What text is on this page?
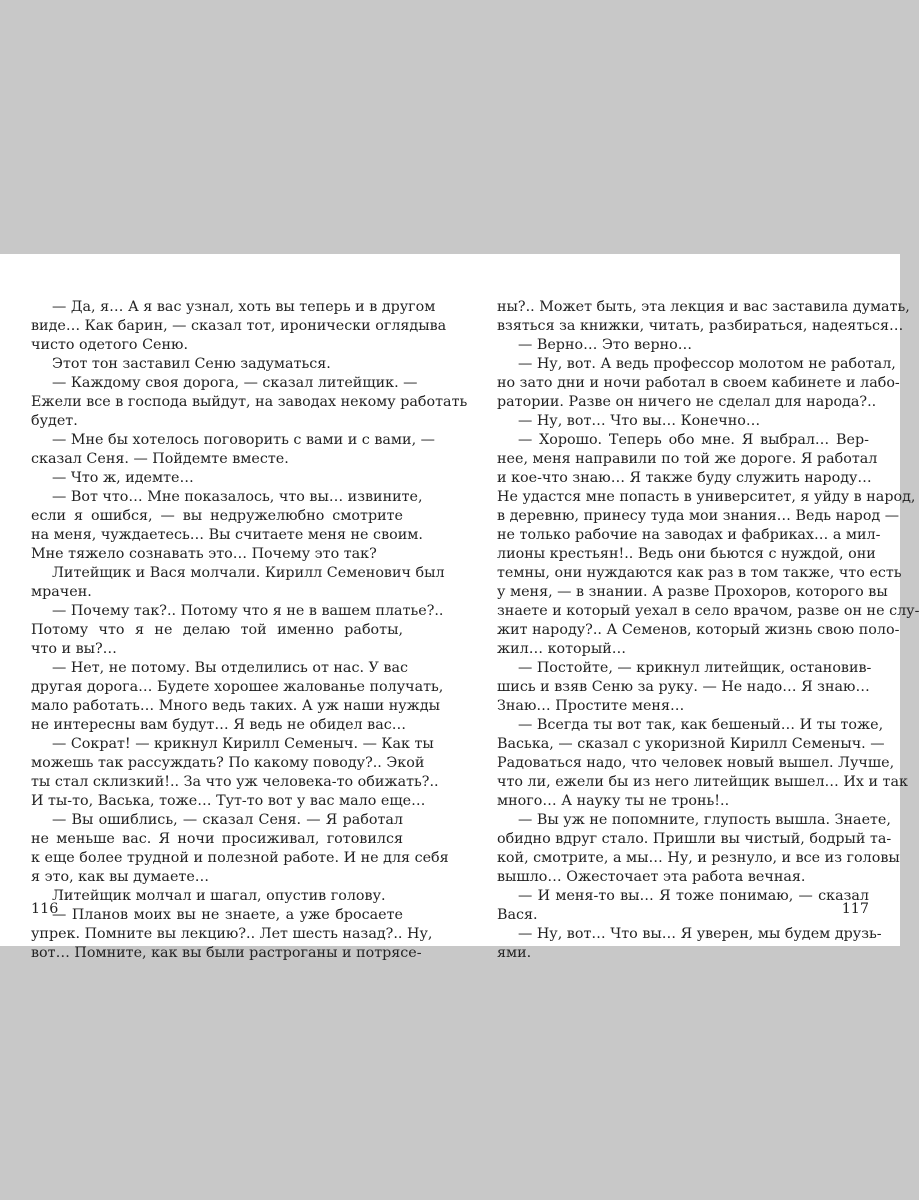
— Да, я… А я вас узнал, хоть вы теперь и в другом
виде… Как барин, — сказал тот, иронически оглядыва
чисто одетого Сеню.
Этот тон заставил Сеню задуматься.
— Каждому своя дорога, — сказал литейщик. —
Ежели все в господа выйдут, на заводах некому работать
будет.
— Мне бы хотелось поговорить с вами и с вами, —
сказал Сеня. — Пойдемте вместе.
— Что ж, идемте…
— Вот что… Мне показалось, что вы… извините,
если я ошибся, — вы недружелюбно смотрите
на меня, чуждаетесь… Вы считаете меня не своим.
Мне тяжело сознавать это… Почему это так?
Литейщик и Вася молчали. Кирилл Семенович был
мрачен.
— Почему так?.. Потому что я не в вашем платье?..
Потому что я не делаю той именно работы,
что и вы?…
— Нет, не потому. Вы отделились от нас. У вас
другая дорога… Будете хорошее жалованье получать,
мало работать… Много ведь таких. А уж наши нужды
не интересны вам будут… Я ведь не обидел вас…
— Сократ! — крикнул Кирилл Семеныч. — Как ты
можешь так рассуждать? По какому поводу?.. Экой
ты стал склизкий!.. За что уж человека-то обижать?..
И ты-то, Васька, тоже… Тут-то вот у вас мало еще…
— Вы ошиблись, — сказал Сеня. — Я работал
не меньше вас. Я ночи просиживал, готовился
к еще более трудной и полезной работе. И не для себя
я это, как вы думаете…
Литейщик молчал и шагал, опустив голову.
— Планов моих вы не знаете, а уже бросаете
упрек. Помните вы лекцию?.. Лет шесть назад?.. Ну,
вот… Помните, как вы были растроганы и потрясе-
116
ны?.. Может быть, эта лекция и вас заставила думать,
взяться за книжки, читать, разбираться, надеяться…
— Верно… Это верно…
— Ну, вот. А ведь профессор молотом не работал,
но зато дни и ночи работал в своем кабинете и лабо-
ратории. Разве он ничего не сделал для народа?..
— Ну, вот… Что вы… Конечно…
— Хорошо. Теперь обо мне. Я выбрал… Вер-
нее, меня направили по той же дороге. Я работал
и кое-что знаю… Я также буду служить народу…
Не удастся мне попасть в университет, я уйду в народ,
в деревню, принесу туда мои знания… Ведь народ —
не только рабочие на заводах и фабриках… а мил-
лионы крестьян!.. Ведь они бьются с нуждой, они
темны, они нуждаются как раз в том также, что есть
у меня, — в знании. А разве Прохоров, которого вы
знаете и который уехал в село врачом, разве он не слу-
жит народу?.. А Семенов, который жизнь свою поло-
жил… который…
— Постойте, — крикнул литейщик, остановив-
шись и взяв Сеню за руку. — Не надо… Я знаю…
Знаю… Простите меня…
— Всегда ты вот так, как бешеный… И ты тоже,
Васька, — сказал с укоризной Кирилл Семеныч. —
Радоваться надо, что человек новый вышел. Лучше,
что ли, ежели бы из него литейщик вышел… Их и так
много… А науку ты не тронь!..
— Вы уж не попомните, глупость вышла. Знаете,
обидно вдруг стало. Пришли вы чистый, бодрый та-
кой, смотрите, а мы… Ну, и резнуло, и все из головы
вышло… Ожесточает эта работа вечная.
— И меня-то вы… Я тоже понимаю, — сказал
Вася.
— Ну, вот… Что вы… Я уверен, мы будем друзь-
ями.
117
